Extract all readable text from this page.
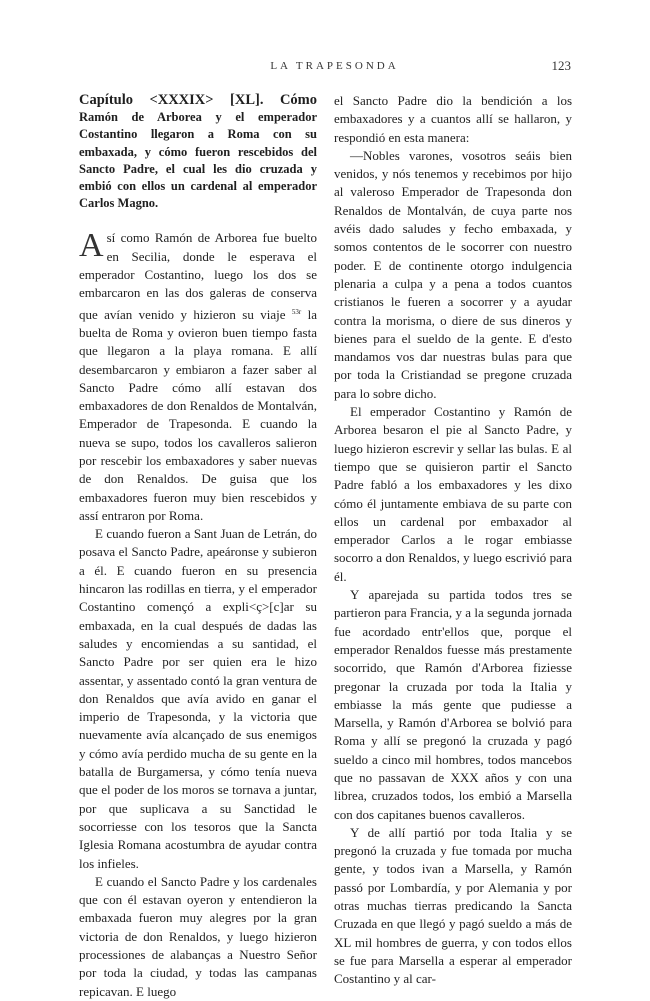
LA TRAPESONDA	123
Capítulo <XXXIX> [XL]. Cómo Ramón de Arborea y el emperador Costantino llegaron a Roma con su embaxada, y cómo fueron rescebidos del Sancto Padre, el cual les dio cruzada y embió con ellos un cardenal al emperador Carlos Magno.

Así como Ramón de Arborea fue buelto en Secilia, donde le esperava el emperador Costantino, luego los dos se embarcaron en las dos galeras de conserva que avían venido y hizieron su viaje $^{53r}$ la buelta de Roma y ovieron buen tiempo fasta que llegaron a la playa romana. E allí desembarcaron y embiaron a fazer saber al Sancto Padre cómo allí estavan dos embaxadores de don Renaldos de Montalván, Emperador de Trapesonda. E cuando la nueva se supo, todos los cavalleros salieron por rescebir los embaxadores y saber nuevas de don Renaldos. De guisa que los embaxadores fueron muy bien rescebidos y assí entraron por Roma.

E cuando fueron a Sant Juan de Letrán, do posava el Sancto Padre, apeáronse y subieron a él. E cuando fueron en su presencia hincaron las rodillas en tierra, y el emperador Costantino començó a expli<ç>[c]ar su embaxada, en la cual después de dadas las saludes y encomiendas a su santidad, el Sancto Padre por ser quien era le hizo assentar, y assentado contó la gran ventura de don Renaldos que avía avido en ganar el imperio de Trapesonda, y la victoria que nuevamente avía alcançado de sus enemigos y cómo avía perdido mucha de su gente en la batalla de Burgamersa, y cómo tenía nueva que el poder de los moros se tornava a juntar, por que suplicava a su Sanctidad le socorriesse con los tesoros que la Sancta Iglesia Romana acostumbra de ayudar contra los infieles.

E cuando el Sancto Padre y los cardenales que con él estavan oyeron y entendieron la embaxada fueron muy alegres por la gran victoria de don Renaldos, y luego hizieron processiones de alabanças a Nuestro Señor por toda la ciudad, y todas las campanas repicavan. E luego

el Sancto Padre dio la bendición a los embaxadores y a cuantos allí se hallaron, y respondió en esta manera:

—Nobles varones, vosotros seáis bien venidos, y nós tenemos y recebimos por hijo al valeroso Emperador de Trapesonda don Renaldos de Montalván, de cuya parte nos avéis dado saludes y fecho embaxada, y somos contentos de le socorrer con nuestro poder. E de continente otorgo indulgencia plenaria a culpa y a pena a todos cuantos cristianos le fueren a socorrer y a ayudar contra la morisma, o diere de sus dineros y bienes para el sueldo de la gente. E d'esto mandamos vos dar nuestras bulas para que por toda la Cristiandad se pregone cruzada para lo sobre dicho.

El emperador Costantino y Ramón de Arborea besaron el pie al Sancto Padre, y luego hizieron escrevir y sellar las bulas. E al tiempo que se quisieron partir el Sancto Padre fabló a los embaxadores y les dixo cómo él juntamente embiava de su parte con ellos un cardenal por embaxador al emperador Carlos a le rogar embiasse socorro a don Renaldos, y luego escrivió para él.

Y aparejada su partida todos tres se partieron para Francia, y a la segunda jornada fue acordado entr'ellos que, porque el emperador Renaldos fuesse más prestamente socorrido, que Ramón d'Arborea fiziesse pregonar la cruzada por toda la Italia y embiasse la más gente que pudiesse a Marsella, y Ramón d'Arborea se bolvió para Roma y allí se pregonó la cruzada y pagó sueldo a cinco mil hombres, todos mancebos que no passavan de XXX años y con una librea, cruzados todos, los embió a Marsella con dos capitanes buenos cavalleros.

Y de allí partió por toda Italia y se pregonó la cruzada y fue tomada por mucha gente, y todos ivan a Marsella, y Ramón passó por Lombardía, y por Alemania y por otras muchas tierras predicando la Sancta Cruzada en que llegó y pagó sueldo a más de XL mil hombres de guerra, y con todos ellos se fue para Marsella a esperar al emperador Costantino y al car-
